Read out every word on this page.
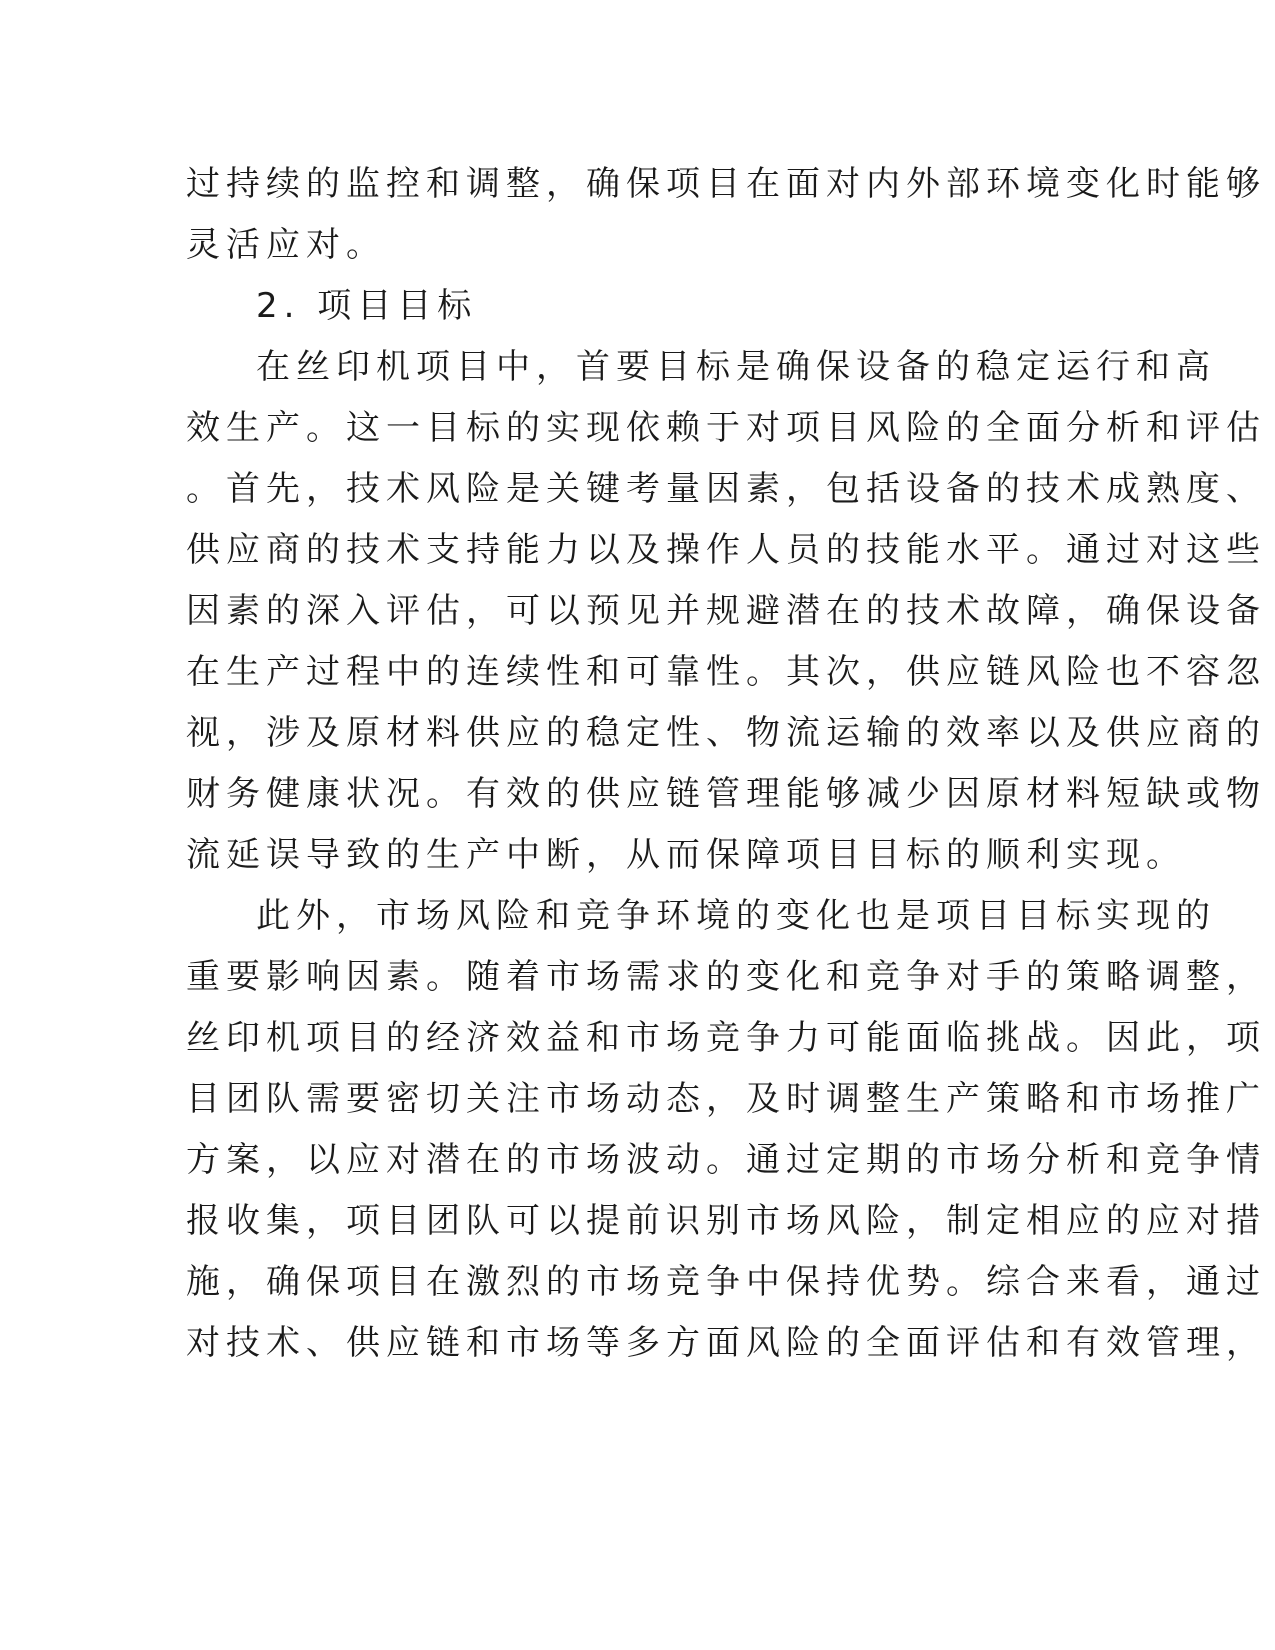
过持续的监控和调整，确保项目在面对内外部环境变化时能够
灵活应对。
2. 项目目标
在丝印机项目中，首要目标是确保设备的稳定运行和高
效生产。这一目标的实现依赖于对项目风险的全面分析和评估
。首先，技术风险是关键考量因素，包括设备的技术成熟度、
供应商的技术支持能力以及操作人员的技能水平。通过对这些
因素的深入评估，可以预见并规避潜在的技术故障，确保设备
在生产过程中的连续性和可靠性。其次，供应链风险也不容忽
视，涉及原材料供应的稳定性、物流运输的效率以及供应商的
财务健康状况。有效的供应链管理能够减少因原材料短缺或物
流延误导致的生产中断，从而保障项目目标的顺利实现。
此外，市场风险和竞争环境的变化也是项目目标实现的
重要影响因素。随着市场需求的变化和竞争对手的策略调整，
丝印机项目的经济效益和市场竞争力可能面临挑战。因此，项
目团队需要密切关注市场动态，及时调整生产策略和市场推广
方案，以应对潜在的市场波动。通过定期的市场分析和竞争情
报收集，项目团队可以提前识别市场风险，制定相应的应对措
施，确保项目在激烈的市场竞争中保持优势。综合来看，通过
对技术、供应链和市场等多方面风险的全面评估和有效管理，
